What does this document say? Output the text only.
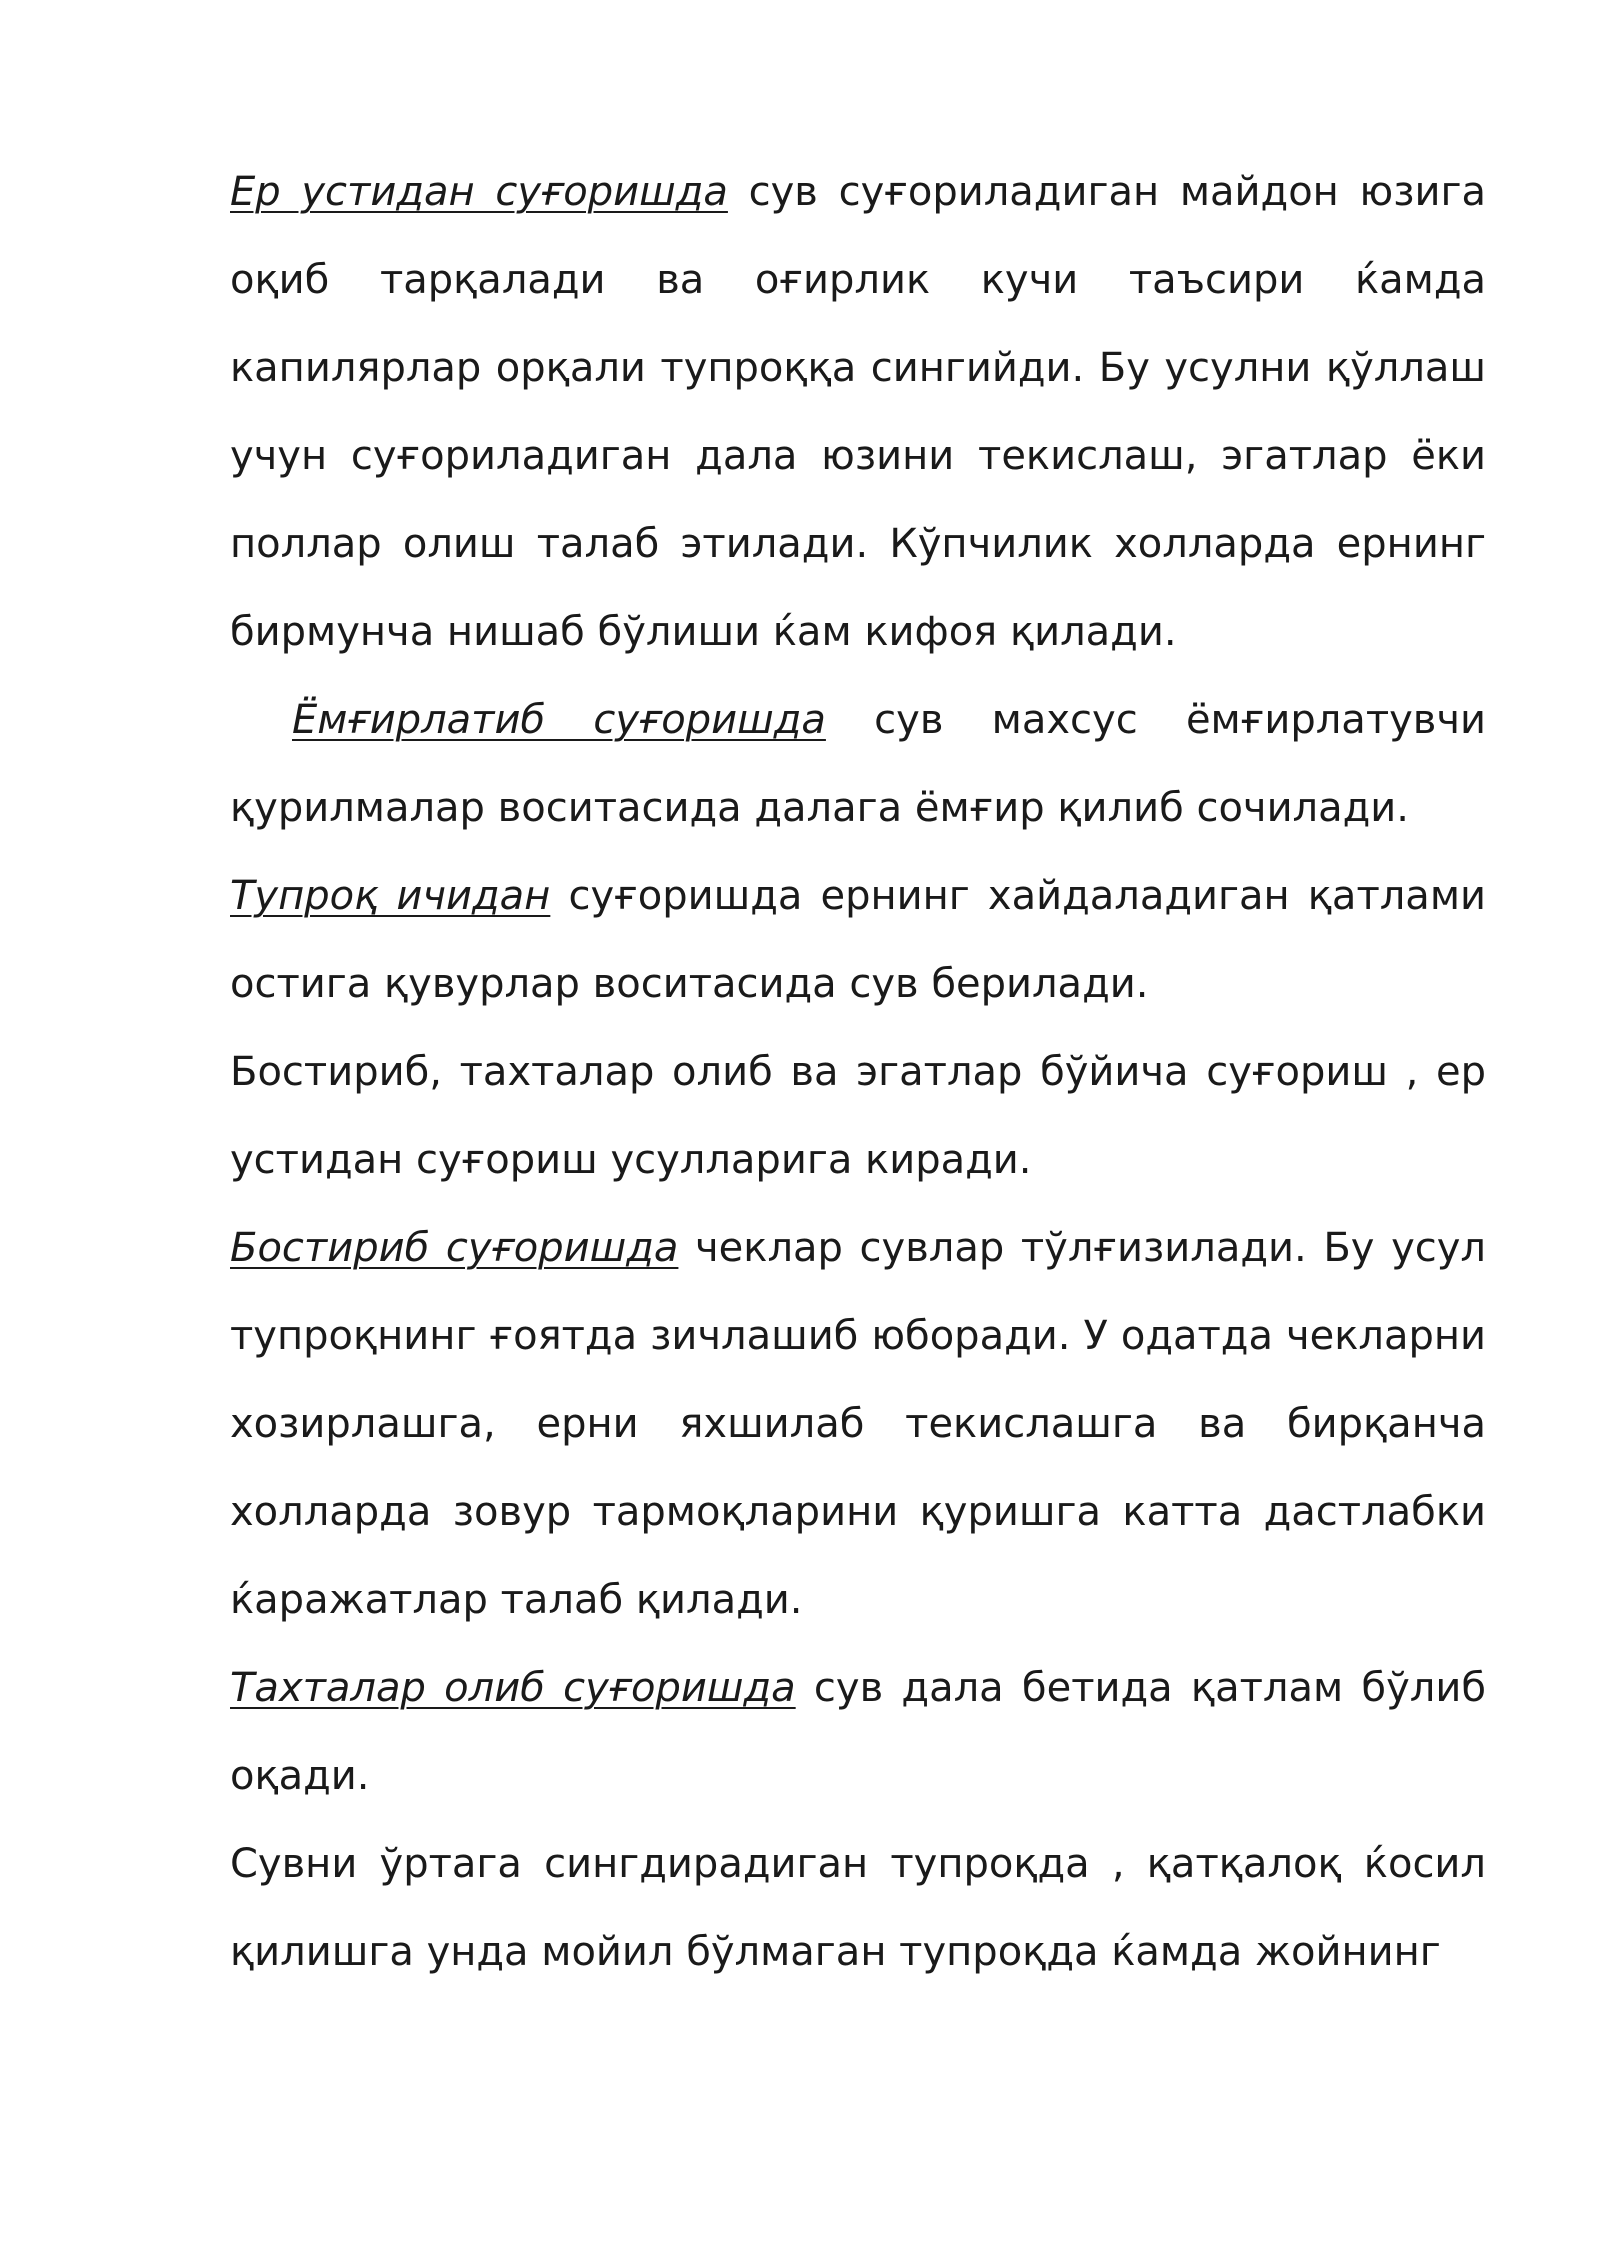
Ер устидан суғоришда сув суғориладиган майдон юзига оқиб тарқалади ва оғирлик кучи таъсири ќамда капилярлар орқали тупроққа сингийди. Бу усулни қўллаш учун суғориладиган дала юзини текислаш, эгатлар ёки поллар олиш талаб этилади. Кўпчилик холларда ернинг бирмунча нишаб бўлиши ќам кифоя қилади.

Ёмғирлатиб суғоришда сув махсус ёмғирлатувчи қурилмалар воситасида далага ёмғир қилиб сочилади.

Тупроқ ичидан суғоришда ернинг хайдаладиган қатлами остига қувурлар воситасида сув берилади.

Бостириб, тахталар олиб ва эгатлар бўйича суғориш , ер устидан суғориш усулларига киради.

Бостириб суғоришда чеклар сувлар тўлғизилади. Бу усул тупроқнинг ғоятда зичлашиб юборади. У одатда чекларни хозирлашга, ерни яхшилаб текислашга ва бирқанча холларда зовур тармоқларини қуришга катта дастлабки ќаражатлар талаб қилади.

Тахталар олиб суғоришда сув дала бетида қатлам бўлиб оқади.

Сувни ўртага сингдирадиган тупроқда , қатқалоқ ќосил қилишга унда мойил бўлмаган тупроқда ќамда жойнинг
